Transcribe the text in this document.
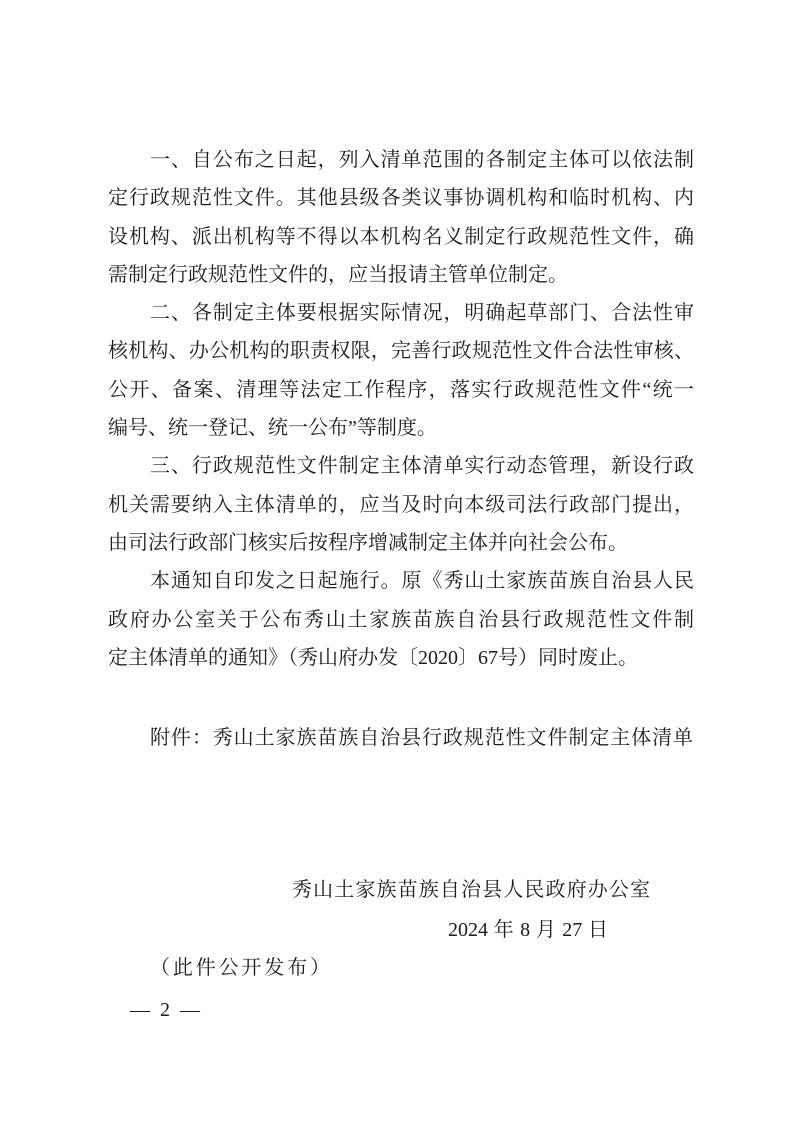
一、自公布之日起，列入清单范围的各制定主体可以依法制
定行政规范性文件。其他县级各类议事协调机构和临时机构、内
设机构、派出机构等不得以本机构名义制定行政规范性文件，确
需制定行政规范性文件的，应当报请主管单位制定。
二、各制定主体要根据实际情况，明确起草部门、合法性审
核机构、办公机构的职责权限，完善行政规范性文件合法性审核、
公开、备案、清理等法定工作程序，落实行政规范性文件“统一
编号、统一登记、统一公布”等制度。
三、行政规范性文件制定主体清单实行动态管理，新设行政
机关需要纳入主体清单的，应当及时向本级司法行政部门提出，
由司法行政部门核实后按程序增减制定主体并向社会公布。
本通知自印发之日起施行。原《秀山土家族苗族自治县人民
政府办公室关于公布秀山土家族苗族自治县行政规范性文件制
定主体清单的通知》（秀山府办发〔2020〕67号）同时废止。
附件：秀山土家族苗族自治县行政规范性文件制定主体清单
秀山土家族苗族自治县人民政府办公室
2024 年 8 月 27 日
（此件公开发布）
— 2 —
